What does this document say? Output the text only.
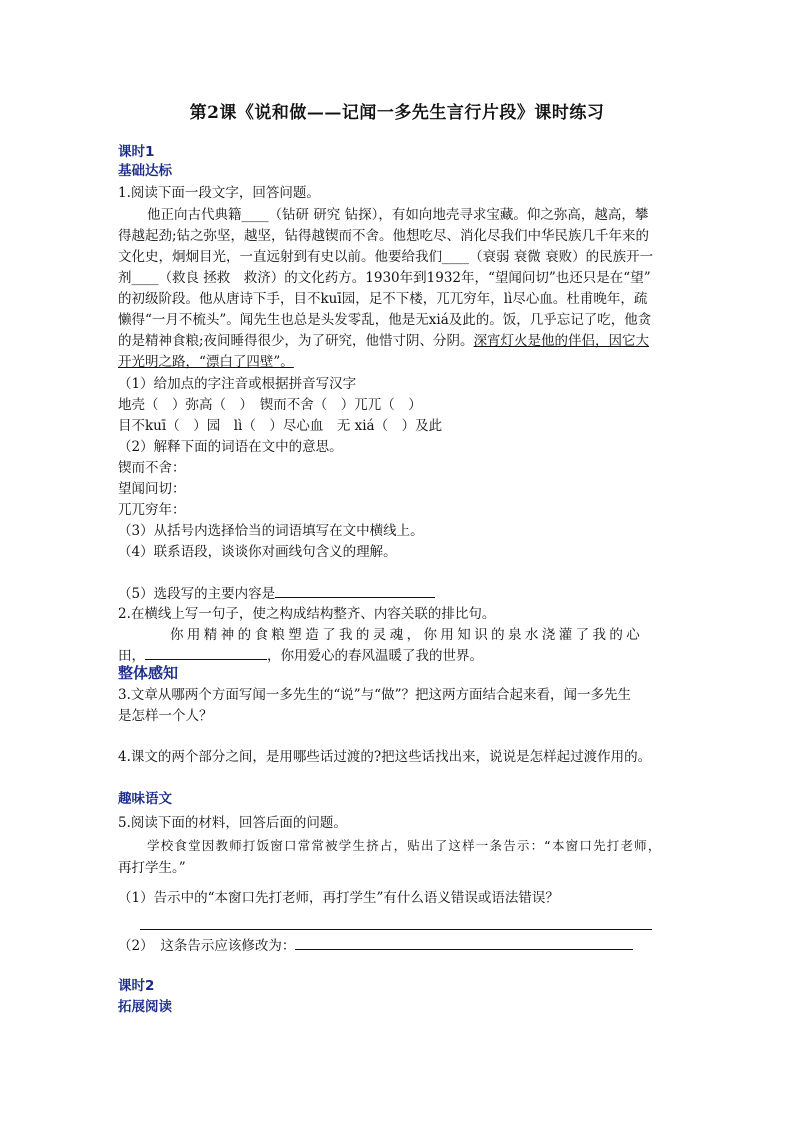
第2课《说和做——记闻一多先生言行片段》课时练习
课时1
基础达标
1.阅读下面一段文字，回答问题。
他正向古代典籍____（钻研 研究 钻探），有如向地壳寻求宝藏。仰之弥高，越高，攀
得越起劲;钻之弥坚，越坚，钻得越锲而不舍。他想吃尽、消化尽我们中华民族几千年来的
文化史，炯炯目光，一直远射到有史以前。他要给我们____（衰弱 衰微 衰败）的民族开一
剂____（救良 拯救　救济）的文化药方。1930年到1932年，“望闻问切”也还只是在“望”
的初级阶段。他从唐诗下手，目不kuī园，足不下楼，兀兀穷年，lì尽心血。杜甫晚年，疏
懒得“一月不梳头”。闻先生也总是头发零乱，他是无xiá及此的。饭，几乎忘记了吃，他贪
的是精神食粮;夜间睡得很少，为了研究，他惜寸阴、分阴。深宵灯火是他的伴侣，因它大
开光明之路，“漂白了四壁”。
（1）给加点的字注音或根据拼音写汉字
地壳（　）弥高（　）　锲而不舍（　）兀兀（　）
目不kuī（　）园　lì（　）尽心血　无 xiá（　）及此
（2）解释下面的词语在文中的意思。
锲而不舍：
望闻问切：
兀兀穷年：
（3）从括号内选择恰当的词语填写在文中横线上。
（4）联系语段，谈谈你对画线句含义的理解。
（5）选段写的主要内容是
2.在横线上写一句子，使之构成结构整齐、内容关联的排比句。
你用精神的食粮塑造了我的灵魂，你用知识的泉水浇灌了我的心
田，	，你用爱心的春风温暖了我的世界。
整体感知
3.文章从哪两个方面写闻一多先生的“说”与“做”？把这两方面结合起来看，闻一多先生
是怎样一个人？
4.课文的两个部分之间，是用哪些话过渡的?把这些话找出来，说说是怎样起过渡作用的。
趣味语文
5.阅读下面的材料，回答后面的问题。
学校食堂因教师打饭窗口常常被学生挤占，贴出了这样一条告示：“本窗口先打老师，
再打学生。”
（1）告示中的“本窗口先打老师，再打学生”有什么语义错误或语法错误？
（2）　这条告示应该修改为：
课时2
拓展阅读
